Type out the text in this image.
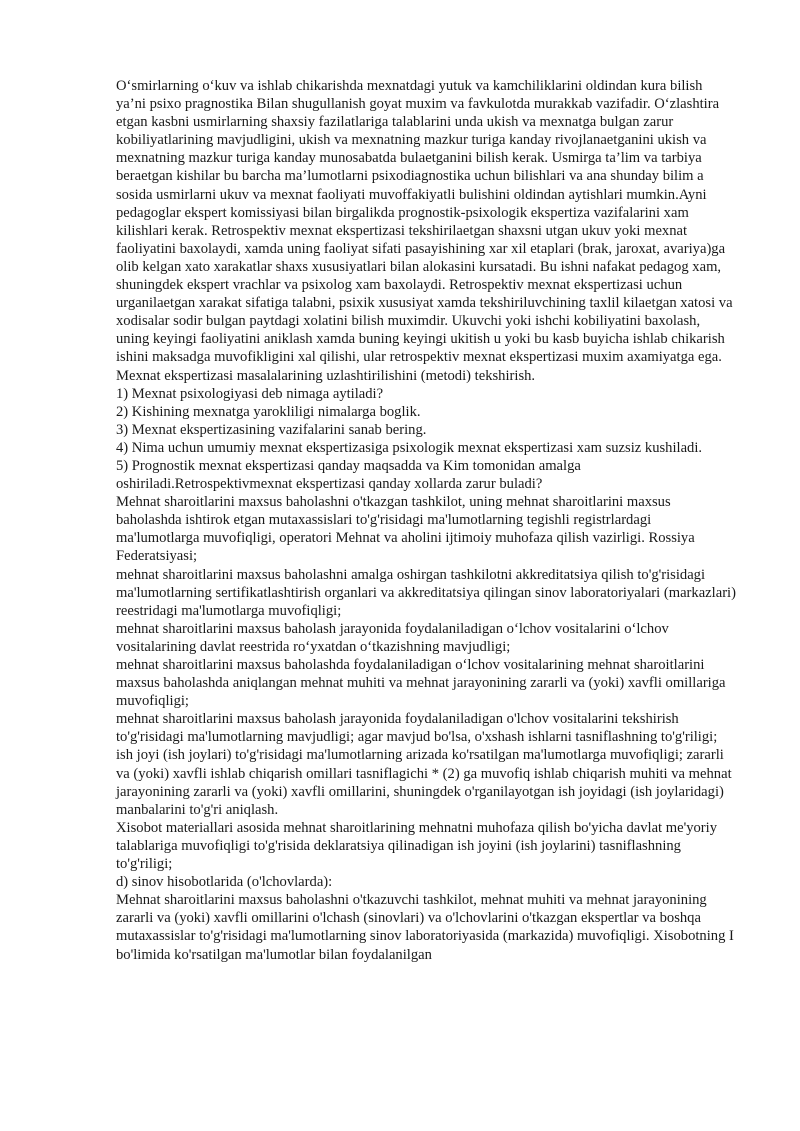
O‘smirlarning o‘kuv va ishlab chikarishda mexnatdagi yutuk va kamchiliklarini oldindan kura bilish ya’ni psixo pragnostika Bilan shugullanish goyat muxim va favkulotda murakkab vazifadir. O‘zlashtira etgan kasbni usmirlarning shaxsiy fazilatlariga talablarini unda ukish va mexnatga bulgan zarur kobiliyatlarining mavjudligini, ukish va mexnatning mazkur turiga kanday rivojlanaetganini ukish va mexnatning mazkur turiga kanday munosabatda bulaetganini bilish kerak. Usmirga ta’lim va tarbiya beraetgan kishilar bu barcha ma’lumotlarni psixodiagnostika uchun bilishlari va ana shunday bilim a sosida usmirlarni ukuv va mexnat faoliyati muvoffakiyatli bulishini oldindan aytishlari mumkin.Ayni pedagoglar ekspert komissiyasi bilan birgalikda prognostik-psixologik ekspertiza vazifalarini xam kilishlari kerak. Retrospektiv mexnat ekspertizasi tekshirilaetgan shaxsni utgan ukuv yoki mexnat faoliyatini baxolaydi, xamda uning faoliyat sifati pasayishining xar xil etaplari (brak, jaroxat, avariya)ga olib kelgan xato xarakatlar shaxs xususiyatlari bilan alokasini kursatadi. Bu ishni nafakat pedagog xam, shuningdek ekspert vrachlar va psixolog xam baxolaydi. Retrospektiv mexnat ekspertizasi uchun urganilaetgan xarakat sifatiga talabni, psixik xususiyat xamda tekshiriluvchining taxlil kilaetgan xatosi va xodisalar sodir bulgan paytdagi xolatini bilish muximdir. Ukuvchi yoki ishchi kobiliyatini baxolash, uning keyingi faoliyatini aniklash xamda buning keyingi ukitish u yoki bu kasb buyicha ishlab chikarish ishini maksadga muvofikligini xal qilishi, ular retrospektiv mexnat ekspertizasi muxim axamiyatga ega. Mexnat ekspertizasi masalalarining uzlashtirilishini (metodi) tekshirish.

1) Mexnat psixologiyasi deb nimaga aytiladi?

2) Kishining mexnatga yarokliligi nimalarga boglik.

3) Mexnat ekspertizasining vazifalarini sanab bering.

4) Nima uchun umumiy mexnat ekspertizasiga psixologik mexnat ekspertizasi xam suzsiz kushiladi.

5) Prognostik mexnat ekspertizasi qanday maqsadda va Kim tomonidan amalga oshiriladi.Retrospektivmexnat ekspertizasi qanday xollarda zarur buladi?

Mehnat sharoitlarini maxsus baholashni o'tkazgan tashkilot, uning mehnat sharoitlarini maxsus baholashda ishtirok etgan mutaxassislari to'g'risidagi ma'lumotlarning tegishli registrlardagi ma'lumotlarga muvofiqligi, operatori Mehnat va aholini ijtimoiy muhofaza qilish vazirligi. Rossiya Federatsiyasi;

mehnat sharoitlarini maxsus baholashni amalga oshirgan tashkilotni akkreditatsiya qilish to'g'risidagi ma'lumotlarning sertifikatlashtirish organlari va akkreditatsiya qilingan sinov laboratoriyalari (markazlari) reestridagi ma'lumotlarga muvofiqligi;

mehnat sharoitlarini maxsus baholash jarayonida foydalaniladigan o‘lchov vositalarini o‘lchov vositalarining davlat reestrida ro‘yxatdan o‘tkazishning mavjudligi;

mehnat sharoitlarini maxsus baholashda foydalaniladigan o‘lchov vositalarining mehnat sharoitlarini maxsus baholashda aniqlangan mehnat muhiti va mehnat jarayonining zararli va (yoki) xavfli omillariga muvofiqligi;

mehnat sharoitlarini maxsus baholash jarayonida foydalaniladigan o'lchov vositalarini tekshirish to'g'risidagi ma'lumotlarning mavjudligi; agar mavjud bo'lsa, o'xshash ishlarni tasniflashning to'g'riligi; ish joyi (ish joylari) to'g'risidagi ma'lumotlarning arizada ko'rsatilgan ma'lumotlarga muvofiqligi; zararli va (yoki) xavfli ishlab chiqarish omillari tasniflagichi * (2) ga muvofiq ishlab chiqarish muhiti va mehnat jarayonining zararli va (yoki) xavfli omillarini, shuningdek o'rganilayotgan ish joyidagi (ish joylaridagi) manbalarini to'g'ri aniqlash.

Xisobot materiallari asosida mehnat sharoitlarining mehnatni muhofaza qilish bo'yicha davlat me'yoriy talablariga muvofiqligi to'g'risida deklaratsiya qilinadigan ish joyini (ish joylarini) tasniflashning to'g'riligi;

d) sinov hisobotlarida (o'lchovlarda):

Mehnat sharoitlarini maxsus baholashni o'tkazuvchi tashkilot, mehnat muhiti va mehnat jarayonining zararli va (yoki) xavfli omillarini o'lchash (sinovlari) va o'lchovlarini o'tkazgan ekspertlar va boshqa mutaxassislar to'g'risidagi ma'lumotlarning sinov laboratoriyasida (markazida) muvofiqligi. Xisobotning I bo'limida ko'rsatilgan ma'lumotlar bilan foydalanilgan
